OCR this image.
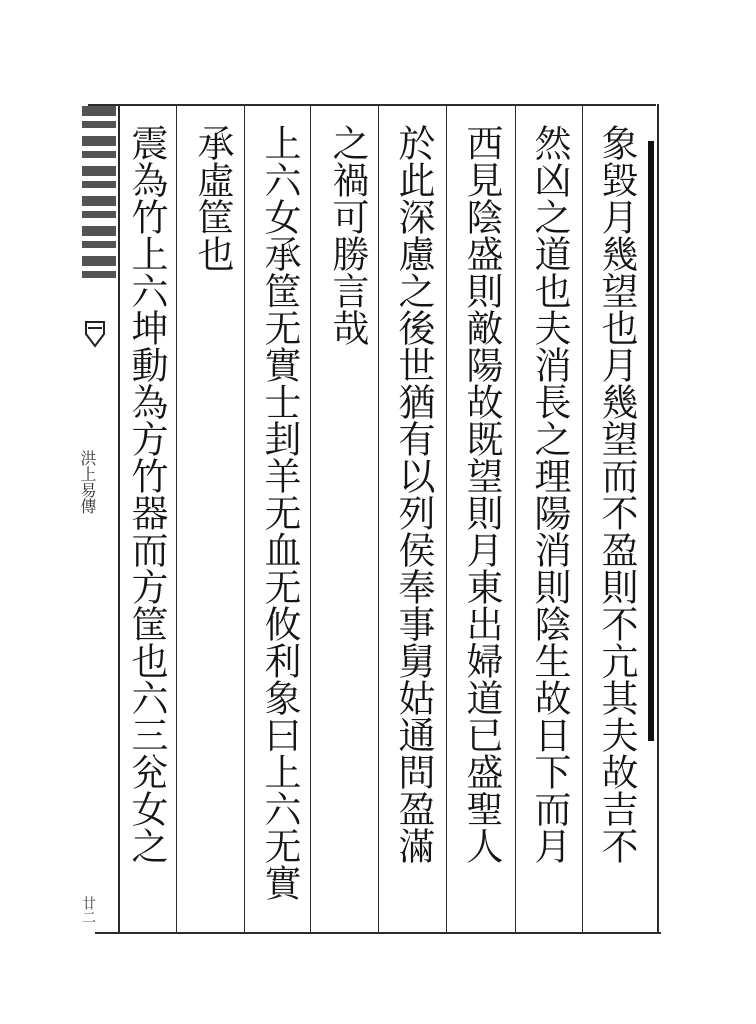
洪上易傳
廿二
象毀月幾望也月幾望而不盈則不亢其夫故吉不
然凶之道也夫消長之理陽消則陰生故日下而月
西見陰盛則敵陽故既望則月東出婦道已盛聖人
於此深慮之後世猶有以列侯奉事舅姑通問盈滿
之禍可勝言哉
上六女承筐无實士刲羊无血无攸利象曰上六无實
承虛筐也
震為竹上六坤動為方竹器而方筐也六三兊女之
